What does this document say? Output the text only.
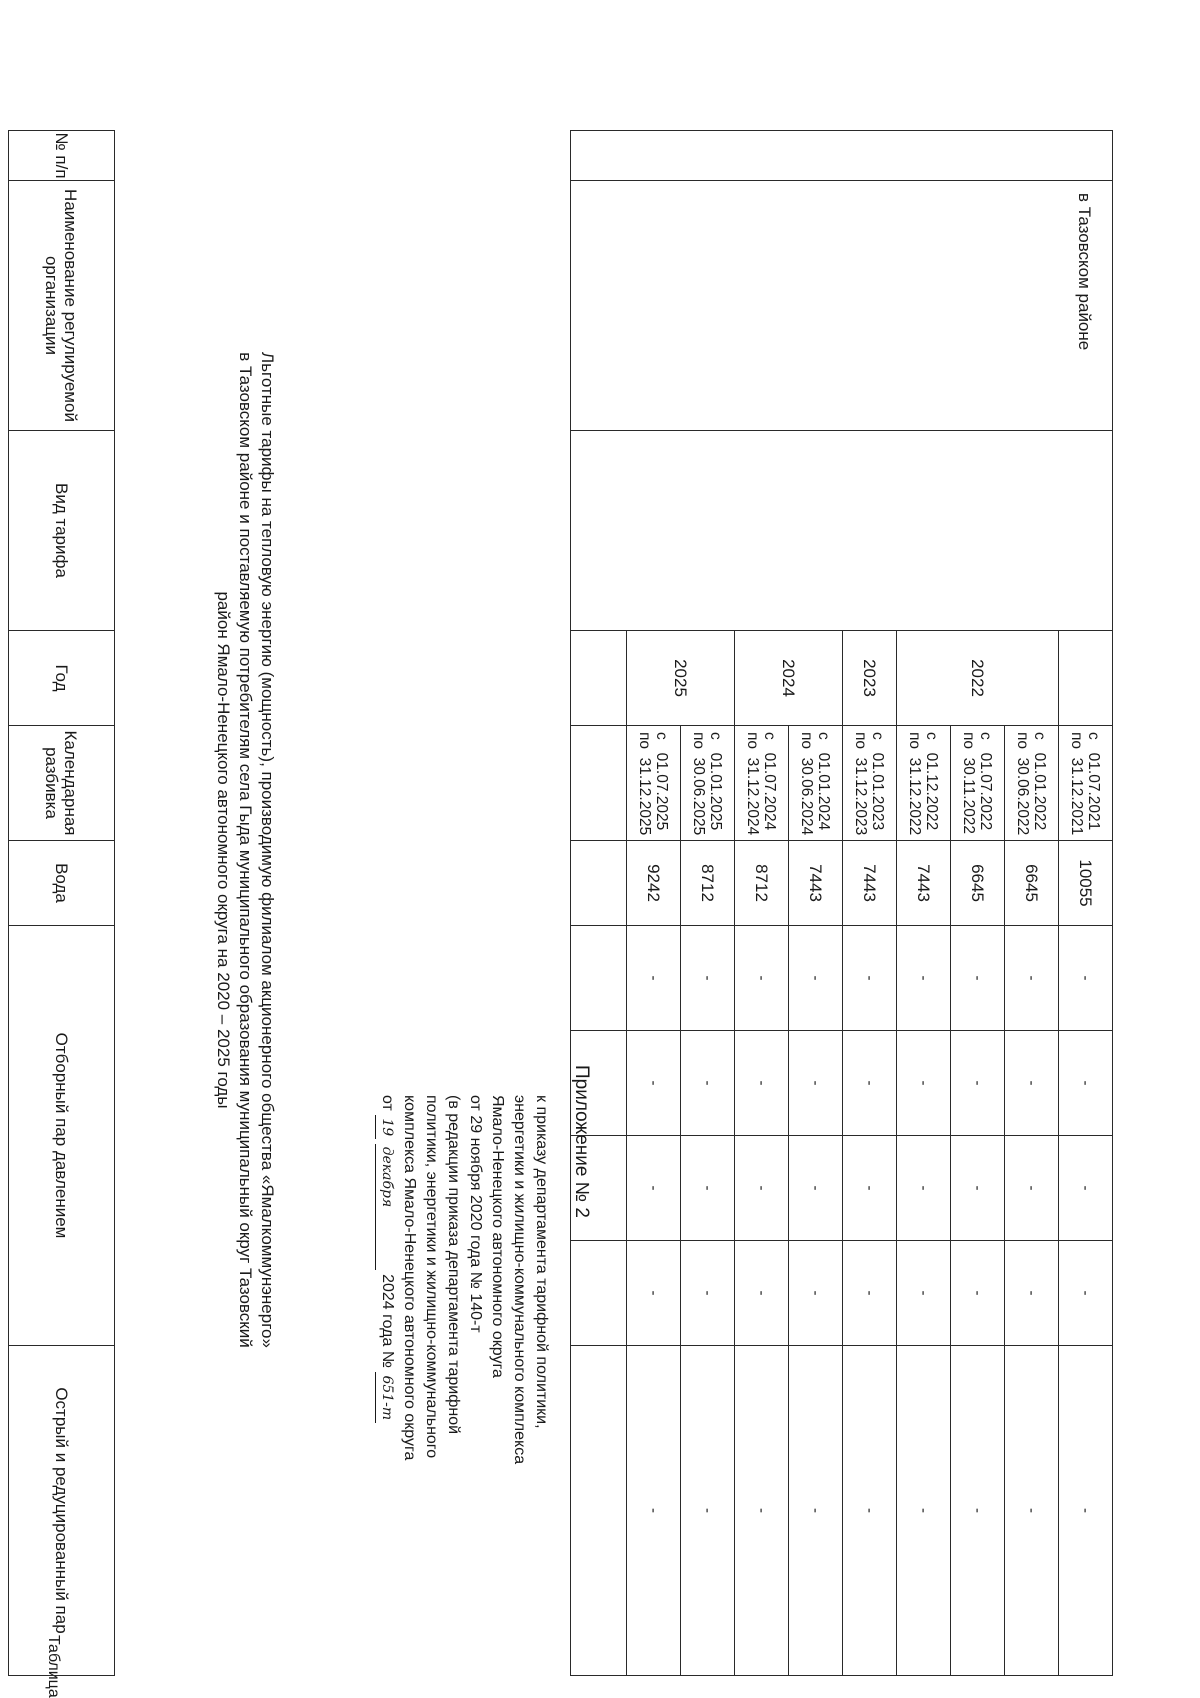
Приложение № 2
к приказу департамента тарифной политики,
энергетики и жилищно-коммунального комплекса
Ямало-Ненецкого автономного округа
от 29 ноября 2020 года № 140-т
(в редакции приказа департамента тарифной
политики, энергетики и жилищно-коммунального
комплекса Ямало-Ненецкого автономного округа
от 19 декабря 2024 года № 651-т
Таблица
Льготные тарифы на тепловую энергию (мощность), производимую филиалом акционерного общества «Ямалкоммунэнерго»
в Тазовском районе и поставляемую потребителям села Гыда муниципального образования муниципальный округ Тазовский
район Ямало-Ненецкого автономного округа на 2020 – 2025 годы
№ п/п	Наименование регулируемой организации	Вид тарифа	Год	Календарная разбивка	Вода	Отборный пар давлением	Острый и редуцированный пар
	в Тазовском районе			с   01.07.2021
по  31.12.2021	10055	-	-	-	-	-
			2022	с   01.01.2022
по  30.06.2022	6645	-	-	-	-	-

				с   01.07.2022
по  30.11.2022	6645	-	-	-	-	-

				с   01.12.2022
по  31.12.2022	7443	-	-	-	-	-
			2023	с   01.01.2023
по  31.12.2023	7443	-	-	-	-	-
			2024	с   01.01.2024
по  30.06.2024	7443	-	-	-	-	-

				с   01.07.2024
по  31.12.2024	8712	-	-	-	-	-
			2025	с   01.01.2025
по  30.06.2025	8712	-	-	-	-	-

				с   01.07.2025
по  31.12.2025	9242	-	-	-	-	-
